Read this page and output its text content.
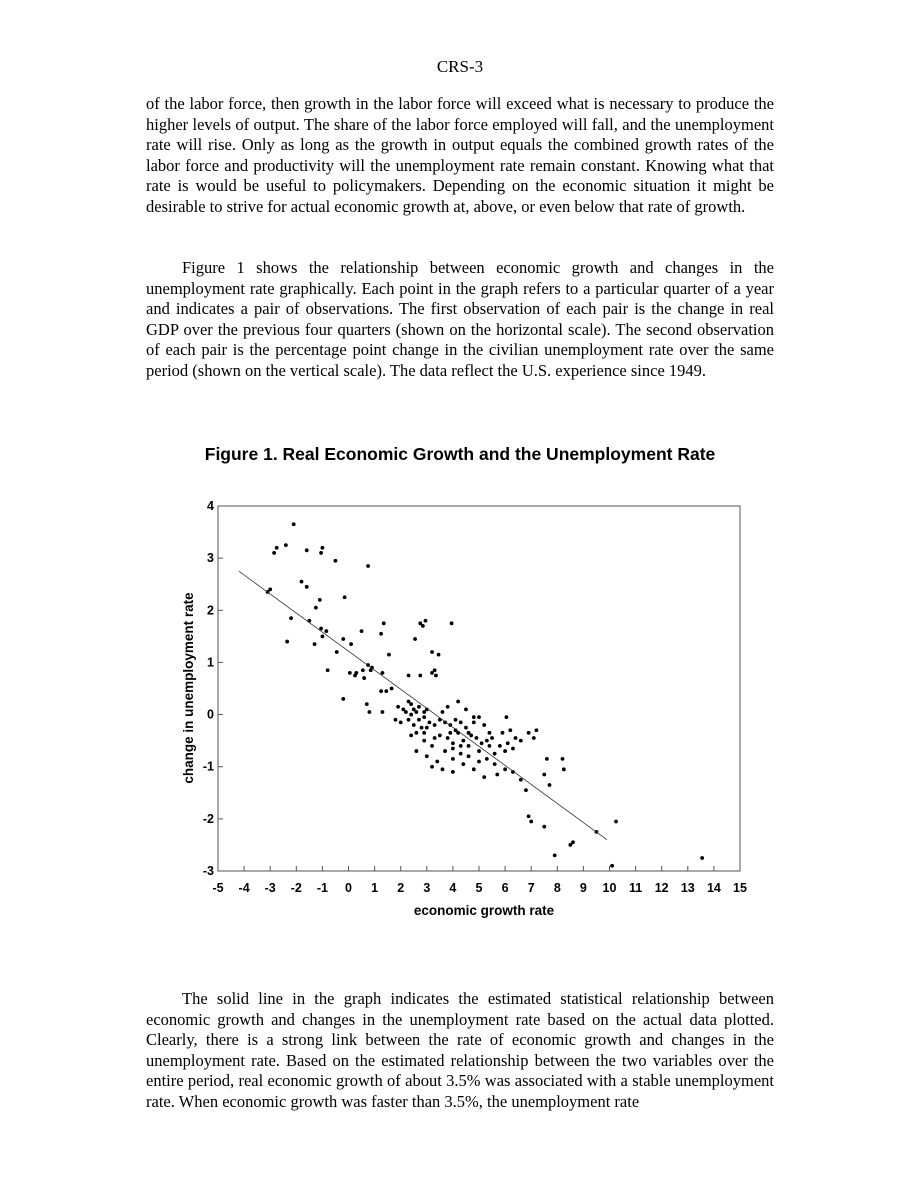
CRS-3

of the labor force, then growth in the labor force will exceed what is necessary to produce the higher levels of output. The share of the labor force employed will fall, and the unemployment rate will rise. Only as long as the growth in output equals the combined growth rates of the labor force and productivity will the unemployment rate remain constant. Knowing what that rate is would be useful to policymakers. Depending on the economic situation it might be desirable to strive for actual economic growth at, above, or even below that rate of growth.

Figure 1 shows the relationship between economic growth and changes in the unemployment rate graphically. Each point in the graph refers to a particular quarter of a year and indicates a pair of observations. The first observation of each pair is the change in real GDP over the previous four quarters (shown on the horizontal scale). The second observation of each pair is the percentage point change in the civilian unemployment rate over the same period (shown on the vertical scale). The data reflect the U.S. experience since 1949.

Figure 1. Real Economic Growth and the Unemployment Rate
-5 -4 -3 -2 -1 0 1 2 3 4 5 6 7 8 9 10 11 12 13 14 15
4
3
2
1
0
-1
-2
-3
economic growth rate
change in unemployment rate

The solid line in the graph indicates the estimated statistical relationship between economic growth and changes in the unemployment rate based on the actual data plotted. Clearly, there is a strong link between the rate of economic growth and changes in the unemployment rate. Based on the estimated relationship between the two variables over the entire period, real economic growth of about 3.5% was associated with a stable unemployment rate. When economic growth was faster than 3.5%, the unemployment rate
